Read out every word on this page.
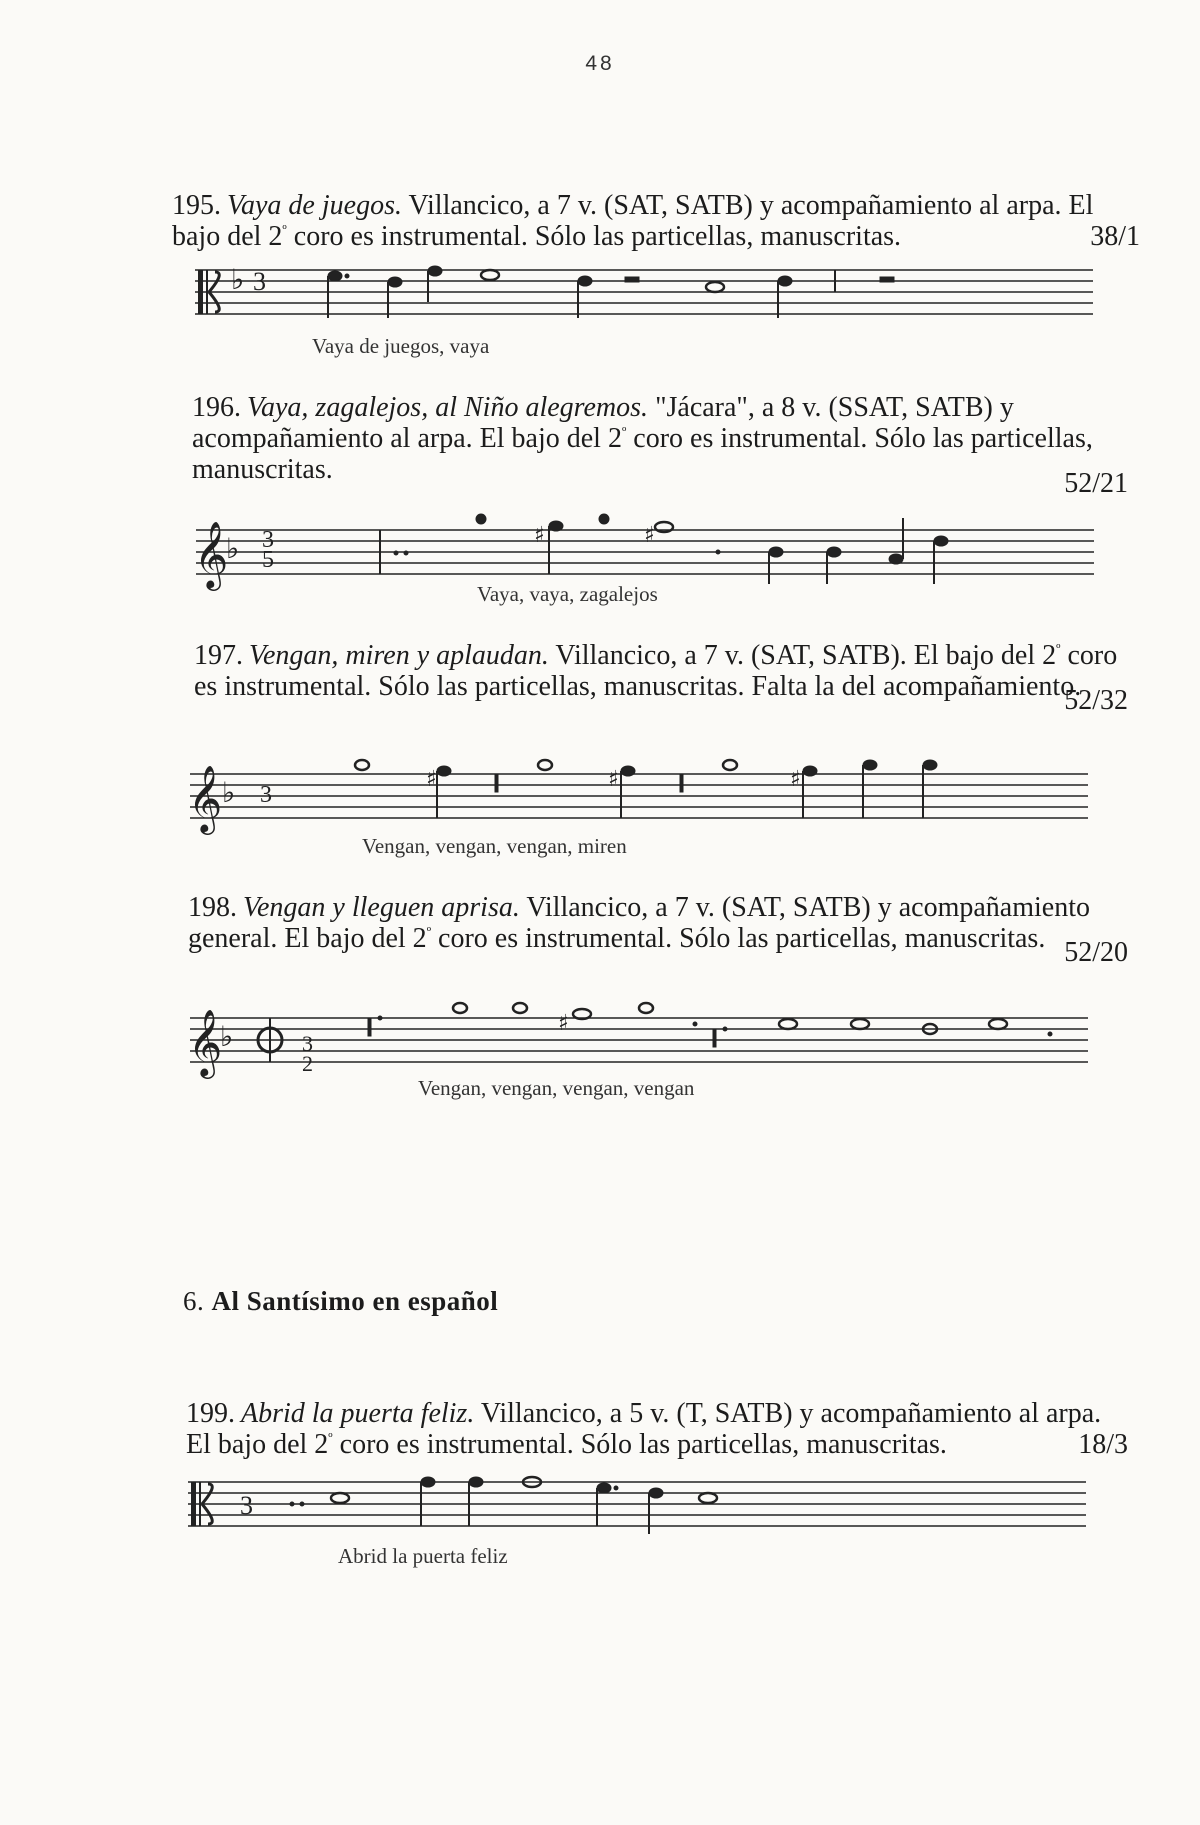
48
195. Vaya de juegos. Villancico, a 7 v. (SAT, SATB) y acompañamiento al arpa. El bajo del $2^º$ coro es instrumental. Sólo las particellas, manuscritas.	38/1
♭ 3
Vaya de juegos, vaya
196. Vaya, zagalejos, al Niño alegremos. "Jácara", a 8 v. (SSAT, SATB) y acompañamiento al arpa. El bajo del $2^º$ coro es instrumental. Sólo las particellas, manuscritas.	52/21
𝄞
♭ 3 5
♯	♯
Vaya, vaya, zagalejos
197. Vengan, miren y aplaudan. Villancico, a 7 v. (SAT, SATB). El bajo del $2^º$ coro es instrumental. Sólo las particellas, manuscritas. Falta la del acompañamiento.
52/32
𝄞 ♭ 3
♯	♯	♯
Vengan, vengan, vengan, miren
198. Vengan y lleguen aprisa. Villancico, a 7 v. (SAT, SATB) y acompañamiento general. El bajo del $2^º$ coro es instrumental. Sólo las particellas, manuscritas. 52/20
𝄞
♭	3 2
♯
Vengan, vengan, vengan, vengan
6. Al Santísimo en español
199. Abrid la puerta feliz. Villancico, a 5 v. (T, SATB) y acompañamiento al arpa. El bajo del $2^º$ coro es instrumental. Sólo las particellas, manuscritas.	18/3
3
Abrid la puerta feliz
